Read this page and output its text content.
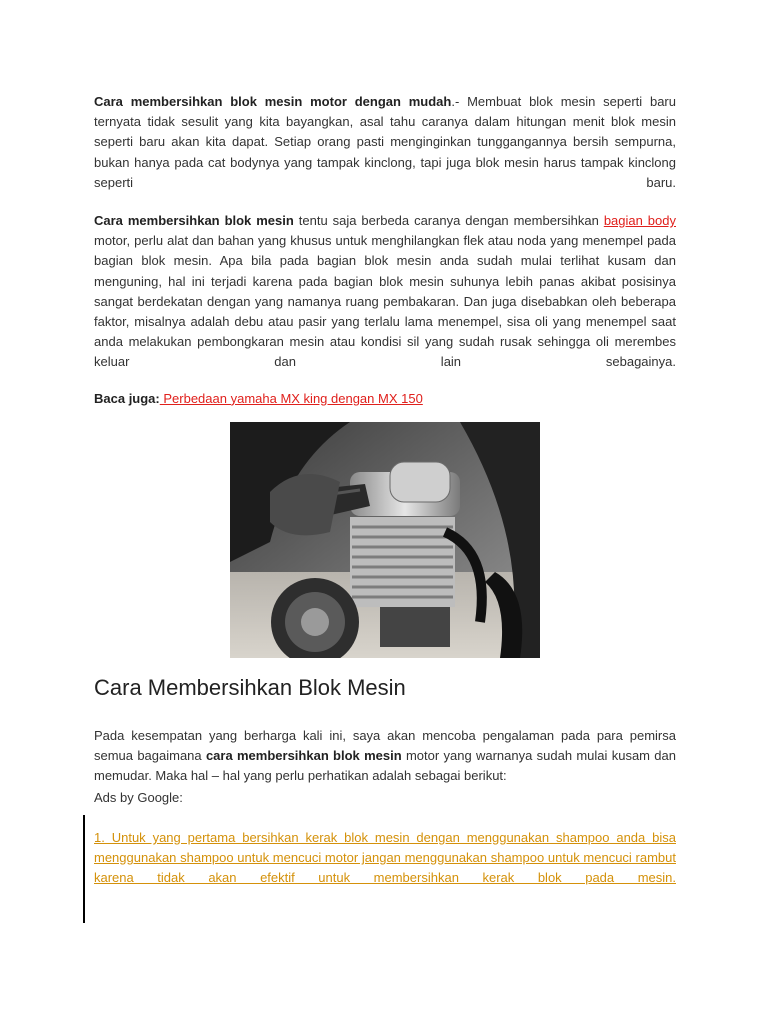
Cara membersihkan blok mesin motor dengan mudah.- Membuat blok mesin seperti baru ternyata tidak sesulit yang kita bayangkan, asal tahu caranya dalam hitungan menit blok mesin seperti baru akan kita dapat. Setiap orang pasti menginginkan tunggangannya bersih sempurna, bukan hanya pada cat bodynya yang tampak kinclong, tapi juga blok mesin harus tampak kinclong seperti baru.

Cara membersihkan blok mesin tentu saja berbeda caranya dengan membersihkan bagian body motor, perlu alat dan bahan yang khusus untuk menghilangkan flek atau noda yang menempel pada bagian blok mesin. Apa bila pada bagian blok mesin anda sudah mulai terlihat kusam dan menguning, hal ini terjadi karena pada bagian blok mesin suhunya lebih panas akibat posisinya sangat berdekatan dengan yang namanya ruang pembakaran. Dan juga disebabkan oleh beberapa faktor, misalnya adalah debu atau pasir yang terlalu lama menempel, sisa oli yang menempel saat anda melakukan pembongkaran mesin atau kondisi sil yang sudah rusak sehingga oli merembes keluar dan lain sebagainya.

Baca juga: Perbedaan yamaha MX king dengan MX 150
Cara Membersihkan Blok Mesin

Pada kesempatan yang berharga kali ini, saya akan mencoba pengalaman pada para pemirsa semua bagaimana cara membersihkan blok mesin motor yang warnanya sudah mulai kusam dan memudar. Maka hal – hal yang perlu perhatikan adalah sebagai berikut:

Ads by Google:

1. Untuk yang pertama bersihkan kerak blok mesin dengan menggunakan shampoo anda bisa menggunakan shampoo untuk mencuci motor jangan menggunakan shampoo untuk mencuci rambut karena tidak akan efektif untuk membersihkan kerak blok pada mesin.
